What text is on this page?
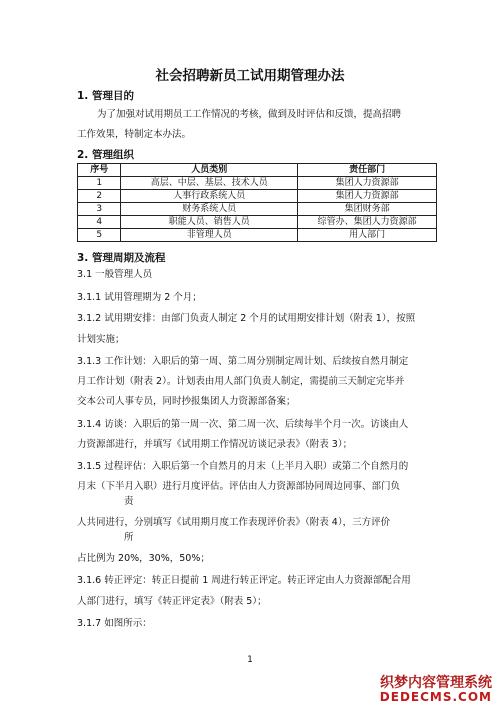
社会招聘新员工试用期管理办法
1. 管理目的
为了加强对试用期员工工作情况的考核，做到及时评估和反馈，提高招聘
工作效果，特制定本办法。
2. 管理组织
序号	人员类别	责任部门
1	高层、中层、基层、技术人员	集团人力资源部
2	人事行政系统人员	集团人力资源部
3	财务系统人员	集团财务部
4	职能人员、销售人员	综管办、集团人力资源部
5	非管理人员	用人部门
3. 管理周期及流程
3.1 一般管理人员
3.1.1 试用管理期为 2 个月；
3.1.2 试用期安排：由部门负责人制定 2 个月的试用期安排计划（附表 1），按照
计划实施；
3.1.3 工作计划：入职后的第一周、第二周分别制定周计划、后续按自然月制定
月工作计划（附表 2）。计划表由用人部门负责人制定，需提前三天制定完毕并
交本公司人事专员，同时抄报集团人力资源部备案；
3.1.4 访谈：入职后的第一周一次、第二周一次、后续每半个月一次。访谈由人
力资源部进行，并填写《试用期工作情况访谈记录表》（附表 3）；
3.1.5 过程评估：入职后第一个自然月的月末（上半月入职）或第二个自然月的
月末（下半月入职）进行月度评估。评估由人力资源部协同周边同事、部门负
责
人共同进行，分别填写《试用期月度工作表现评价表》（附表 4），三方评价
所
占比例为 20%，30%，50%；
3.1.6 转正评定：转正日提前 1 周进行转正评定。转正评定由人力资源部配合用
人部门进行，填写《转正评定表》（附表 5）；
3.1.7 如图所示：
1
织梦内容管理系统
DEDECMS.COM
